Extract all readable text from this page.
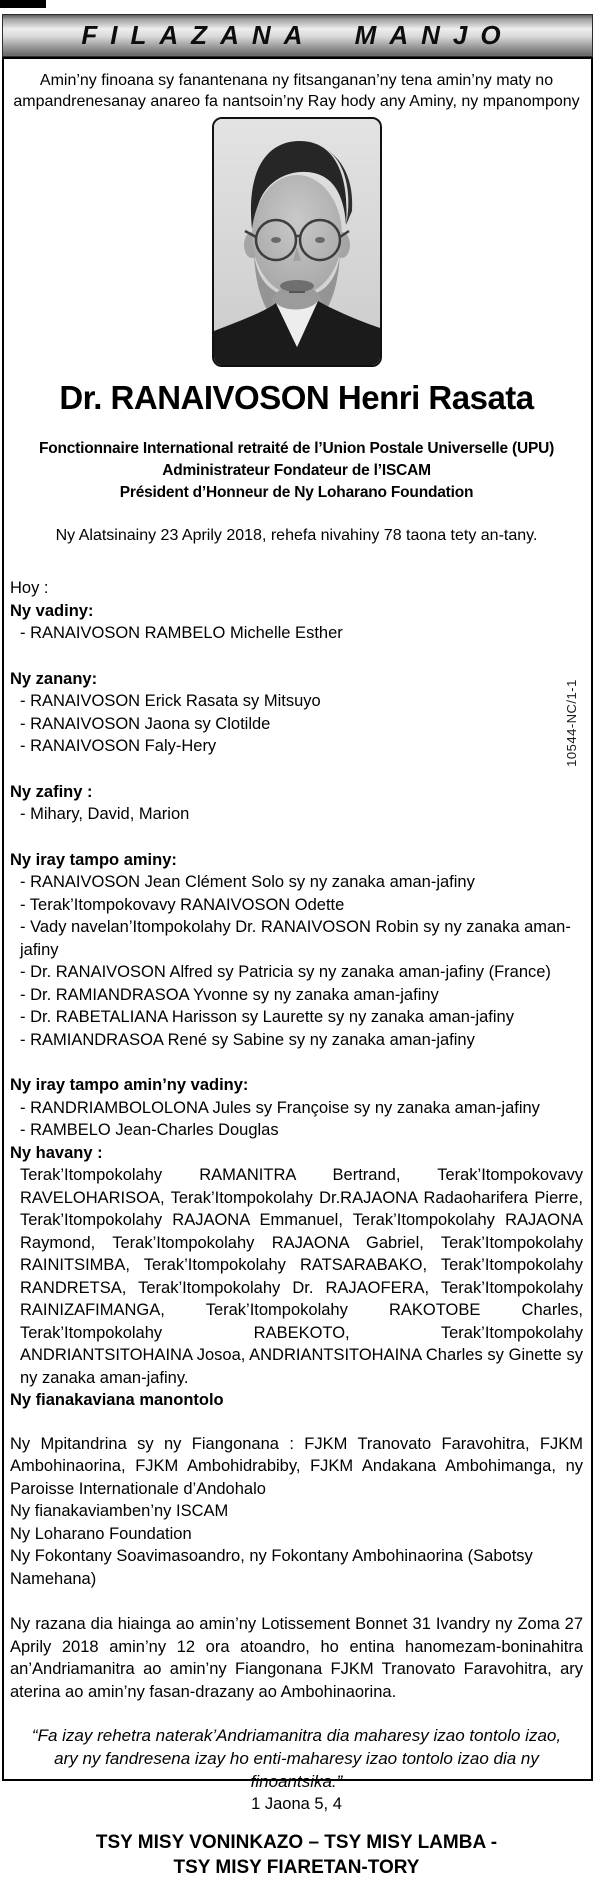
FILAZANA MANJO

Amin’ny finoana sy fanantenana ny fitsanganan’ny tena amin’ny maty no

ampandrenesanay anareo fa nantsoin’ny Ray hody any Aminy, ny mpanompony

Dr. RANAIVOSON Henri Rasata

Fonctionnaire International retraité de l’Union Postale Universelle (UPU)

Administrateur Fondateur de l’ISCAM

Président d’Honneur de Ny Loharano Foundation

Ny Alatsinainy 23 Aprily 2018, rehefa nivahiny 78 taona tety an-tany.

Hoy :

Ny vadiny:

- RANAIVOSON RAMBELO Michelle Esther

Ny zanany:

- RANAIVOSON Erick Rasata sy Mitsuyo

- RANAIVOSON Jaona sy Clotilde

- RANAIVOSON Faly-Hery

Ny zafiny :

- Mihary, David, Marion

Ny iray tampo aminy:

- RANAIVOSON Jean Clément Solo sy ny zanaka aman-jafiny

- Terak’Itompokovavy RANAIVOSON Odette

- Vady navelan’Itompokolahy Dr. RANAIVOSON Robin sy ny zanaka aman-jafiny

- Dr. RANAIVOSON Alfred sy Patricia sy ny zanaka aman-jafiny (France)

- Dr. RAMIANDRASOA Yvonne sy ny zanaka aman-jafiny

- Dr. RABETALIANA Harisson sy Laurette sy ny zanaka aman-jafiny

- RAMIANDRASOA René sy Sabine sy ny zanaka aman-jafiny

Ny iray tampo amin’ny vadiny:

- RANDRIAMBOLOLONA Jules sy Françoise sy ny zanaka aman-jafiny

- RAMBELO Jean-Charles Douglas

Ny havany :

Terak’Itompokolahy RAMANITRA Bertrand, Terak’Itompokovavy RAVELOHARISOA, Terak’Itompokolahy Dr.RAJAONA Radaoharifera Pierre, Terak’Itompokolahy RAJAONA Emmanuel, Terak’Itompokolahy RAJAONA Raymond, Terak’Itompokolahy RAJAONA Gabriel, Terak’Itompokolahy RAINITSIMBA, Terak’Itompokolahy RATSARABAKO, Terak’Itompokolahy RANDRETSA, Terak’Itompokolahy Dr. RAJAOFERA, Terak’Itompokolahy RAINIZAFIMANGA, Terak’Itompokolahy RAKOTOBE Charles, Terak’Itompokolahy RABEKOTO, Terak’Itompokolahy ANDRIANTSITOHAINA Josoa, ANDRIANTSITOHAINA Charles sy Ginette sy ny zanaka aman-jafiny.

Ny fianakaviana manontolo

Ny Mpitandrina sy ny Fiangonana : FJKM Tranovato Faravohitra, FJKM Ambohinaorina, FJKM Ambohidrabiby, FJKM Andakana Ambohimanga, ny Paroisse Internationale d’Andohalo

Ny fianakaviamben’ny ISCAM

Ny Loharano Foundation

Ny Fokontany Soavimasoandro, ny Fokontany Ambohinaorina (Sabotsy Namehana)

Ny razana dia hiainga ao amin’ny Lotissement Bonnet 31 Ivandry ny Zoma 27 Aprily 2018 amin’ny 12 ora atoandro, ho entina hanomezam-boninahitra an’Andriamanitra ao amin’ny Fiangonana FJKM Tranovato Faravohitra, ary aterina ao amin’ny fasan-drazany ao Ambohinaorina.

“Fa izay rehetra naterak’Andriamanitra dia maharesy izao tontolo izao,

ary ny fandresena izay ho enti-maharesy izao tontolo izao dia ny finoantsika.”

1 Jaona 5, 4

TSY MISY VONINKAZO – TSY MISY LAMBA -

TSY MISY FIARETAN-TORY

10544-NC/1-1
